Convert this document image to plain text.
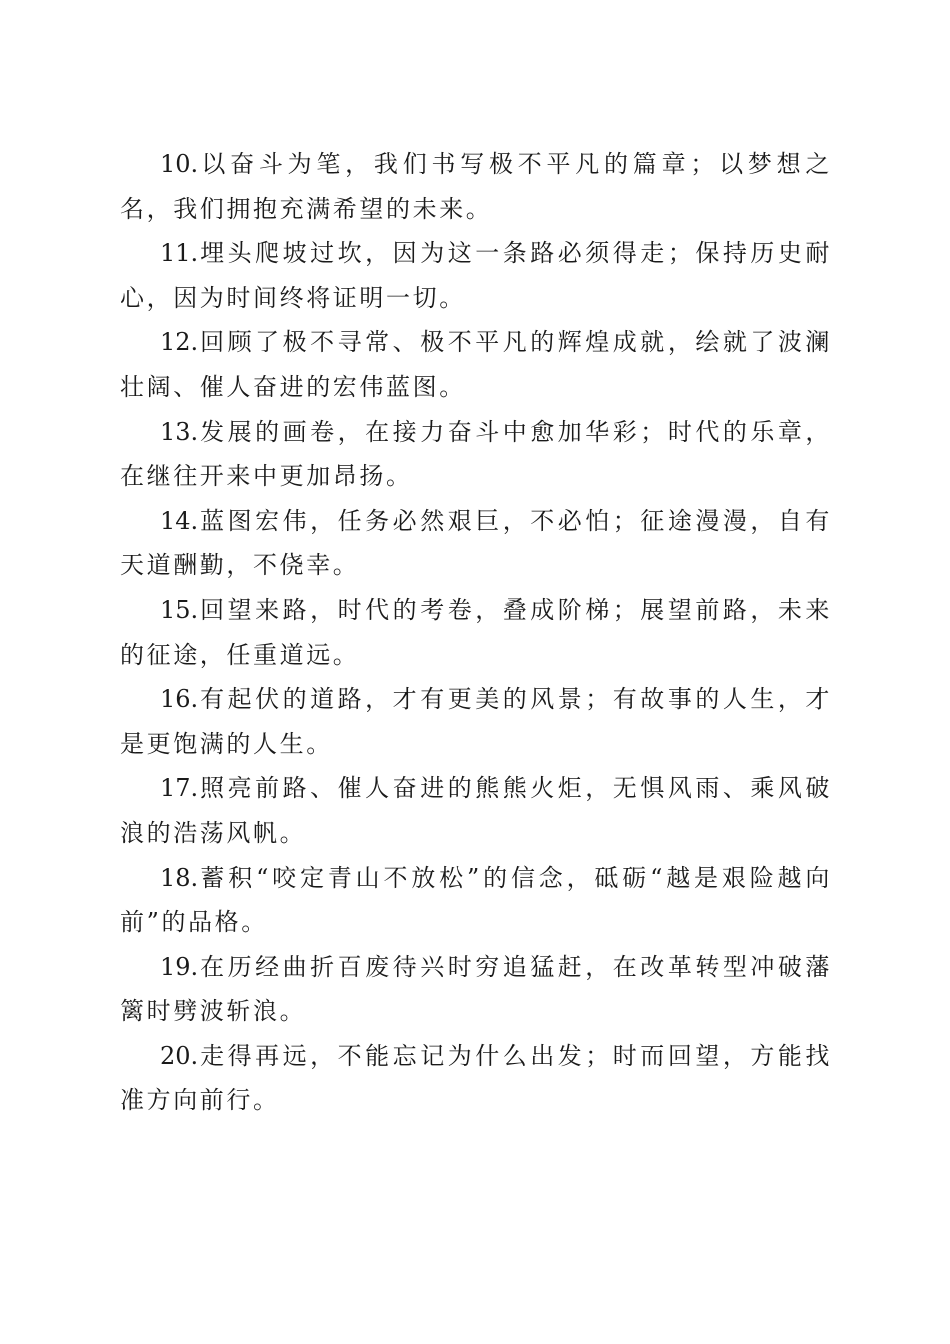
10.以奋斗为笔，我们书写极不平凡的篇章；以梦想之名，我们拥抱充满希望的未来。

11.埋头爬坡过坎，因为这一条路必须得走；保持历史耐心，因为时间终将证明一切。

12.回顾了极不寻常、极不平凡的辉煌成就，绘就了波澜壮阔、催人奋进的宏伟蓝图。

13.发展的画卷，在接力奋斗中愈加华彩；时代的乐章，在继往开来中更加昂扬。

14.蓝图宏伟，任务必然艰巨，不必怕；征途漫漫，自有天道酬勤，不侥幸。

15.回望来路，时代的考卷，叠成阶梯；展望前路，未来的征途，任重道远。

16.有起伏的道路，才有更美的风景；有故事的人生，才是更饱满的人生。

17.照亮前路、催人奋进的熊熊火炬，无惧风雨、乘风破浪的浩荡风帆。

18.蓄积“咬定青山不放松”的信念，砥砺“越是艰险越向前”的品格。

19.在历经曲折百废待兴时穷追猛赶，在改革转型冲破藩篱时劈波斩浪。

20.走得再远，不能忘记为什么出发；时而回望，方能找准方向前行。
